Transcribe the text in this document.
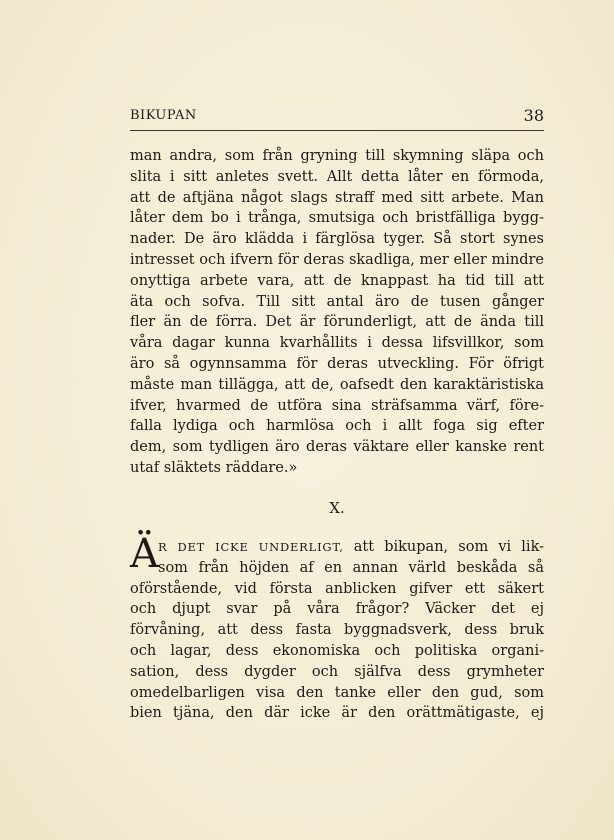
BIKUPAN	38
man andra, som från gryning till skymning släpa och
slita i sitt anletes svett. Allt detta låter en förmoda,
att de aftjäna något slags straff med sitt arbete. Man
låter dem bo i trånga, smutsiga och bristfälliga bygg-
nader. De äro klädda i färglösa tyger. Så stort synes
intresset och ifvern för deras skadliga, mer eller mindre
onyttiga arbete vara, att de knappast ha tid till att
äta och sofva. Till sitt antal äro de tusen gånger
fler än de förra. Det är förunderligt, att de ända till
våra dagar kunna kvarhållits i dessa lifsvillkor, som
äro så ogynnsamma för deras utveckling. För öfrigt
måste man tillägga, att de, oafsedt den karaktäristiska
ifver, hvarmed de utföra sina sträfsamma värf, före-
falla lydiga och harmlösa och i allt foga sig efter
dem, som tydligen äro deras väktare eller kanske rent
utaf släktets räddare.»
X.
Ä R DET ICKE UNDERLIGT, att bikupan, som vi lik-
som från höjden af en annan värld beskåda så
oförstående, vid första anblicken gifver ett säkert
och djupt svar på våra frågor? Väcker det ej
förvåning, att dess fasta byggnadsverk, dess bruk
och lagar, dess ekonomiska och politiska organi-
sation, dess dygder och själfva dess grymheter
omedelbarligen visa den tanke eller den gud, som
bien tjäna, den där icke är den orättmätigaste, ej
